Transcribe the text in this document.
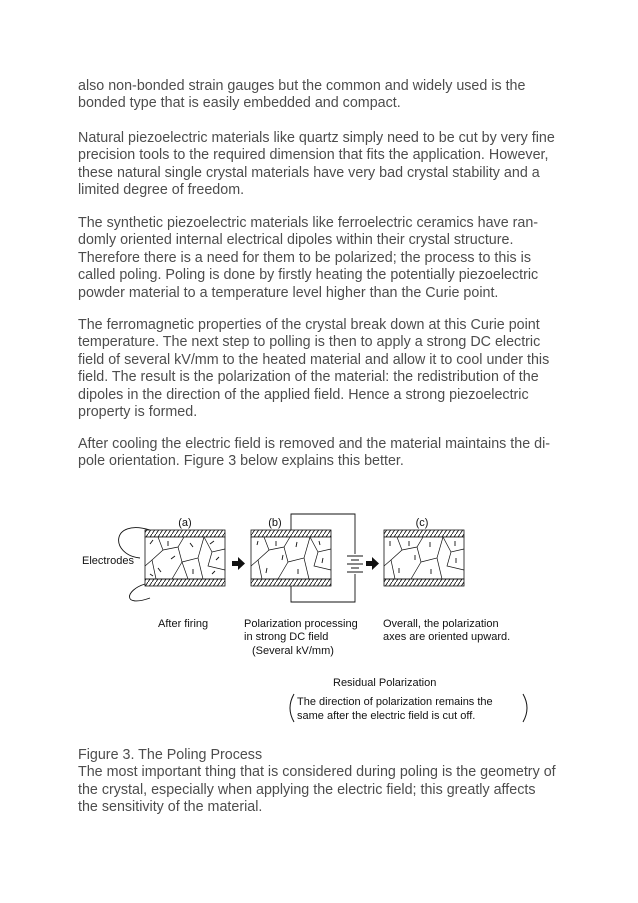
also non-bonded strain gauges but the common and widely used is the
bonded type that is easily embedded and compact.
Natural piezoelectric materials like quartz simply need to be cut by very fine
precision tools to the required dimension that fits the application. However,
these natural single crystal materials have very bad crystal stability and a
limited degree of freedom.
The synthetic piezoelectric materials like ferroelectric ceramics have ran-
domly oriented internal electrical dipoles within their crystal structure.
Therefore there is a need for them to be polarized; the process to this is
called poling. Poling is done by firstly heating the potentially piezoelectric
powder material to a temperature level higher than the Curie point.
The ferromagnetic properties of the crystal break down at this Curie point
temperature. The next step to polling is then to apply a strong DC electric
field of several kV/mm to the heated material and allow it to cool under this
field. The result is the polarization of the material: the redistribution of the
dipoles in the direction of the applied field. Hence a strong piezoelectric
property is formed.
After cooling the electric field is removed and the material maintains the di-
pole orientation. Figure 3 below explains this better.
(a)	(b)	(c)
Electrodes
After firing	Polarization processing
in strong DC field
(Several kV/mm)
Overall, the polarization
axes are oriented upward.
Residual Polarization
The direction of polarization remains the
same after the electric field is cut off.
Figure 3. The Poling Process
The most important thing that is considered during poling is the geometry of
the crystal, especially when applying the electric field; this greatly affects
the sensitivity of the material.
